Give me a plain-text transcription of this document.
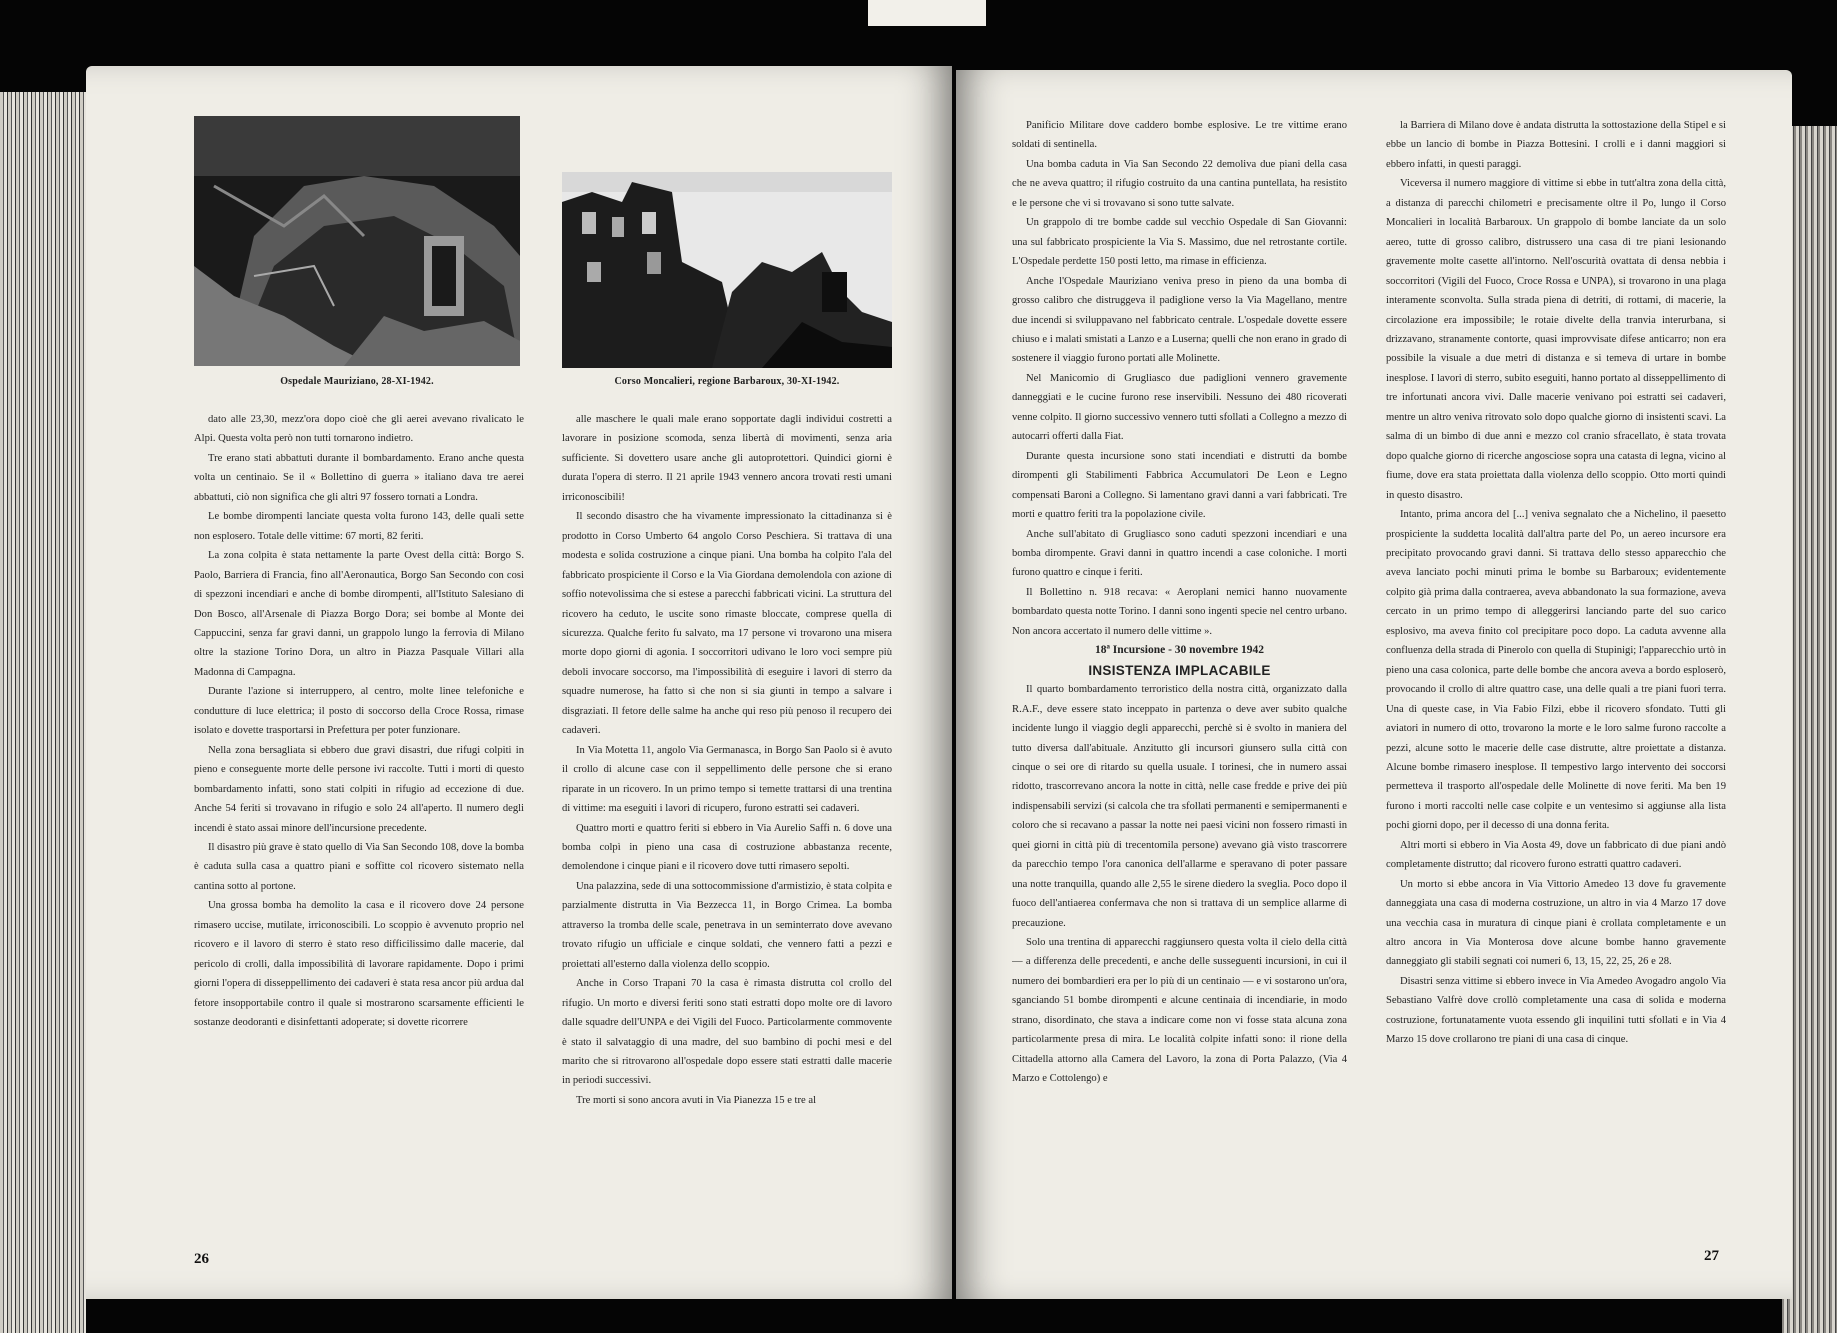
Ospedale Mauriziano, 28-XI-1942.	Corso Moncalieri, regione Barbaroux, 30-XI-1942.

dato alle 23,30, mezz'ora dopo cioè che gli aerei avevano rivalicato le Alpi. Questa volta però non tutti tornarono indietro.

Tre erano stati abbattuti durante il bombardamento. Erano anche questa volta un centinaio. Se il « Bollettino di guerra » italiano dava tre aerei abbattuti, ciò non significa che gli altri 97 fossero tornati a Londra.

Le bombe dirompenti lanciate questa volta furono 143, delle quali sette non esplosero. Totale delle vittime: 67 morti, 82 feriti.

La zona colpita è stata nettamente la parte Ovest della città: Borgo S. Paolo, Barriera di Francia, fino all'Aeronautica, Borgo San Secondo con cosi di spezzoni incendiari e anche di bombe dirompenti, all'Istituto Salesiano di Don Bosco, all'Arsenale di Piazza Borgo Dora; sei bombe al Monte dei Cappuccini, senza far gravi danni, un grappolo lungo la ferrovia di Milano oltre la stazione Torino Dora, un altro in Piazza Pasquale Villari alla Madonna di Campagna.

Durante l'azione si interruppero, al centro, molte linee telefoniche e condutture di luce elettrica; il posto di soccorso della Croce Rossa, rimase isolato e dovette trasportarsi in Prefettura per poter funzionare.

Nella zona bersagliata si ebbero due gravi disastri, due rifugi colpiti in pieno e conseguente morte delle persone ivi raccolte. Tutti i morti di questo bombardamento infatti, sono stati colpiti in rifugio ad eccezione di due. Anche 54 feriti si trovavano in rifugio e solo 24 all'aperto. Il numero degli incendi è stato assai minore dell'incursione precedente.

Il disastro più grave è stato quello di Via San Secondo 108, dove la bomba è caduta sulla casa a quattro piani e soffitte col ricovero sistemato nella cantina sotto al portone.

Una grossa bomba ha demolito la casa e il ricovero dove 24 persone rimasero uccise, mutilate, irriconoscibili. Lo scoppio è avvenuto proprio nel ricovero e il lavoro di sterro è stato reso difficilissimo dalle macerie, dal pericolo di crolli, dalla impossibilità di lavorare rapidamente. Dopo i primi giorni l'opera di disseppellimento dei cadaveri è stata resa ancor più ardua dal fetore insopportabile contro il quale si mostrarono scarsamente efficienti le sostanze deodoranti e disinfettanti adoperate; si dovette ricorrere

alle maschere le quali male erano sopportate dagli individui costretti a lavorare in posizione scomoda, senza libertà di movimenti, senza aria sufficiente. Si dovettero usare anche gli autoprotettori. Quindici giorni è durata l'opera di sterro. Il 21 aprile 1943 vennero ancora trovati resti umani irriconoscibili!

Il secondo disastro che ha vivamente impressionato la cittadinanza si è prodotto in Corso Umberto 64 angolo Corso Peschiera. Si trattava di una modesta e solida costruzione a cinque piani. Una bomba ha colpito l'ala del fabbricato prospiciente il Corso e la Via Giordana demolendola con azione di soffio notevolissima che si estese a parecchi fabbricati vicini. La struttura del ricovero ha ceduto, le uscite sono rimaste bloccate, comprese quella di sicurezza. Qualche ferito fu salvato, ma 17 persone vi trovarono una misera morte dopo giorni di agonia. I soccorritori udivano le loro voci sempre più deboli invocare soccorso, ma l'impossibilità di eseguire i lavori di sterro da squadre numerose, ha fatto sì che non si sia giunti in tempo a salvare i disgraziati. Il fetore delle salme ha anche qui reso più penoso il recupero dei cadaveri.

In Via Motetta 11, angolo Via Germanasca, in Borgo San Paolo si è avuto il crollo di alcune case con il seppellimento delle persone che si erano riparate in un ricovero. In un primo tempo si temette trattarsi di una trentina di vittime: ma eseguiti i lavori di ricupero, furono estratti sei cadaveri.

Quattro morti e quattro feriti si ebbero in Via Aurelio Saffi n. 6 dove una bomba colpì in pieno una casa di costruzione abbastanza recente, demolendone i cinque piani e il ricovero dove tutti rimasero sepolti.

Una palazzina, sede di una sottocommissione d'armistizio, è stata colpita e parzialmente distrutta in Via Bezzecca 11, in Borgo Crimea. La bomba attraverso la tromba delle scale, penetrava in un seminterrato dove avevano trovato rifugio un ufficiale e cinque soldati, che vennero fatti a pezzi e proiettati all'esterno dalla violenza dello scoppio.

Anche in Corso Trapani 70 la casa è rimasta distrutta col crollo del rifugio. Un morto e diversi feriti sono stati estratti dopo molte ore di lavoro dalle squadre dell'UNPA e dei Vigili del Fuoco. Particolarmente commovente è stato il salvataggio di una madre, del suo bambino di pochi mesi e del marito che si ritrovarono all'ospedale dopo essere stati estratti dalle macerie in periodi successivi.

Tre morti si sono ancora avuti in Via Pianezza 15 e tre al

26

Panificio Militare dove caddero bombe esplosive. Le tre vittime erano soldati di sentinella.

Una bomba caduta in Via San Secondo 22 demoliva due piani della casa che ne aveva quattro; il rifugio costruito da una cantina puntellata, ha resistito e le persone che vi si trovavano si sono tutte salvate.

Un grappolo di tre bombe cadde sul vecchio Ospedale di San Giovanni: una sul fabbricato prospiciente la Via S. Massimo, due nel retrostante cortile. L'Ospedale perdette 150 posti letto, ma rimase in efficienza.

Anche l'Ospedale Mauriziano veniva preso in pieno da una bomba di grosso calibro che distruggeva il padiglione verso la Via Magellano, mentre due incendi si sviluppavano nel fabbricato centrale. L'ospedale dovette essere chiuso e i malati smistati a Lanzo e a Luserna; quelli che non erano in grado di sostenere il viaggio furono portati alle Molinette.

Nel Manicomio di Grugliasco due padiglioni vennero gravemente danneggiati e le cucine furono rese inservibili. Nessuno dei 480 ricoverati venne colpito. Il giorno successivo vennero tutti sfollati a Collegno a mezzo di autocarri offerti dalla Fiat.

Durante questa incursione sono stati incendiati e distrutti da bombe dirompenti gli Stabilimenti Fabbrica Accumulatori De Leon e Legno compensati Baroni a Collegno. Si lamentano gravi danni a vari fabbricati. Tre morti e quattro feriti tra la popolazione civile.

Anche sull'abitato di Grugliasco sono caduti spezzoni incendiari e una bomba dirompente. Gravi danni in quattro incendi a case coloniche. I morti furono quattro e cinque i feriti.

Il Bollettino n. 918 recava: « Aeroplani nemici hanno nuovamente bombardato questa notte Torino. I danni sono ingenti specie nel centro urbano. Non ancora accertato il numero delle vittime ».

18ª Incursione - 30 novembre 1942

INSISTENZA IMPLACABILE

Il quarto bombardamento terroristico della nostra città, organizzato dalla R.A.F., deve essere stato inceppato in partenza o deve aver subito qualche incidente lungo il viaggio degli apparecchi, perchè si è svolto in maniera del tutto diversa dall'abituale. Anzitutto gli incursori giunsero sulla città con cinque o sei ore di ritardo su quella usuale. I torinesi, che in numero assai ridotto, trascorrevano ancora la notte in città, nelle case fredde e prive dei più indispensabili servizi (si calcola che tra sfollati permanenti e semipermanenti e coloro che si recavano a passar la notte nei paesi vicini non fossero rimasti in quei giorni in città più di trecentomila persone) avevano già visto trascorrere da parecchio tempo l'ora canonica dell'allarme e speravano di poter passare una notte tranquilla, quando alle 2,55 le sirene diedero la sveglia. Poco dopo il fuoco dell'antiaerea confermava che non si trattava di un semplice allarme di precauzione.

Solo una trentina di apparecchi raggiunsero questa volta il cielo della città — a differenza delle precedenti, e anche delle susseguenti incursioni, in cui il numero dei bombardieri era per lo più di un centinaio — e vi sostarono un'ora, sganciando 51 bombe dirompenti e alcune centinaia di incendiarie, in modo strano, disordinato, che stava a indicare come non vi fosse stata alcuna zona particolarmente presa di mira. Le località colpite infatti sono: il rione della Cittadella attorno alla Camera del Lavoro, la zona di Porta Palazzo, (Via 4 Marzo e Cottolengo) e

la Barriera di Milano dove è andata distrutta la sottostazione della Stipel e si ebbe un lancio di bombe in Piazza Bottesini. I crolli e i danni maggiori si ebbero infatti, in questi paraggi.

Viceversa il numero maggiore di vittime si ebbe in tutt'altra zona della città, a distanza di parecchi chilometri e precisamente oltre il Po, lungo il Corso Moncalieri in località Barbaroux. Un grappolo di bombe lanciate da un solo aereo, tutte di grosso calibro, distrussero una casa di tre piani lesionando gravemente molte casette all'intorno. Nell'oscurità ovattata di densa nebbia i soccorritori (Vigili del Fuoco, Croce Rossa e UNPA), si trovarono in una plaga interamente sconvolta. Sulla strada piena di detriti, di rottami, di macerie, la circolazione era impossibile; le rotaie divelte della tranvia interurbana, si drizzavano, stranamente contorte, quasi improvvisate difese anticarro; non era possibile la visuale a due metri di distanza e si temeva di urtare in bombe inesplose. I lavori di sterro, subito eseguiti, hanno portato al disseppellimento di tre infortunati ancora vivi. Dalle macerie venivano poi estratti sei cadaveri, mentre un altro veniva ritrovato solo dopo qualche giorno di insistenti scavi. La salma di un bimbo di due anni e mezzo col cranio sfracellato, è stata trovata dopo qualche giorno di ricerche angosciose sopra una catasta di legna, vicino al fiume, dove era stata proiettata dalla violenza dello scoppio. Otto morti quindi in questo disastro.

Intanto, prima ancora del [...] veniva segnalato che a Nichelino, il paesetto prospiciente la suddetta località dall'altra parte del Po, un aereo incursore era precipitato provocando gravi danni. Si trattava dello stesso apparecchio che aveva lanciato pochi minuti prima le bombe su Barbaroux; evidentemente colpito già prima dalla contraerea, aveva abbandonato la sua formazione, aveva cercato in un primo tempo di alleggerirsi lanciando parte del suo carico esplosivo, ma aveva finito col precipitare poco dopo. La caduta avvenne alla confluenza della strada di Pinerolo con quella di Stupinigi; l'apparecchio urtò in pieno una casa colonica, parte delle bombe che ancora aveva a bordo esploserò, provocando il crollo di altre quattro case, una delle quali a tre piani fuori terra. Una di queste case, in Via Fabio Filzi, ebbe il ricovero sfondato. Tutti gli aviatori in numero di otto, trovarono la morte e le loro salme furono raccolte a pezzi, alcune sotto le macerie delle case distrutte, altre proiettate a distanza. Alcune bombe rimasero inesplose. Il tempestivo largo intervento dei soccorsi permetteva il trasporto all'ospedale delle Molinette di nove feriti. Ma ben 19 furono i morti raccolti nelle case colpite e un ventesimo si aggiunse alla lista pochi giorni dopo, per il decesso di una donna ferita.

Altri morti si ebbero in Via Aosta 49, dove un fabbricato di due piani andò completamente distrutto; dal ricovero furono estratti quattro cadaveri.

Un morto si ebbe ancora in Via Vittorio Amedeo 13 dove fu gravemente danneggiata una casa di moderna costruzione, un altro in via 4 Marzo 17 dove una vecchia casa in muratura di cinque piani è crollata completamente e un altro ancora in Via Monterosa dove alcune bombe hanno gravemente danneggiato gli stabili segnati coi numeri 6, 13, 15, 22, 25, 26 e 28.

Disastri senza vittime si ebbero invece in Via Amedeo Avogadro angolo Via Sebastiano Valfrè dove crollò completamente una casa di solida e moderna costruzione, fortunatamente vuota essendo gli inquilini tutti sfollati e in Via 4 Marzo 15 dove crollarono tre piani di una casa di cinque.

27
